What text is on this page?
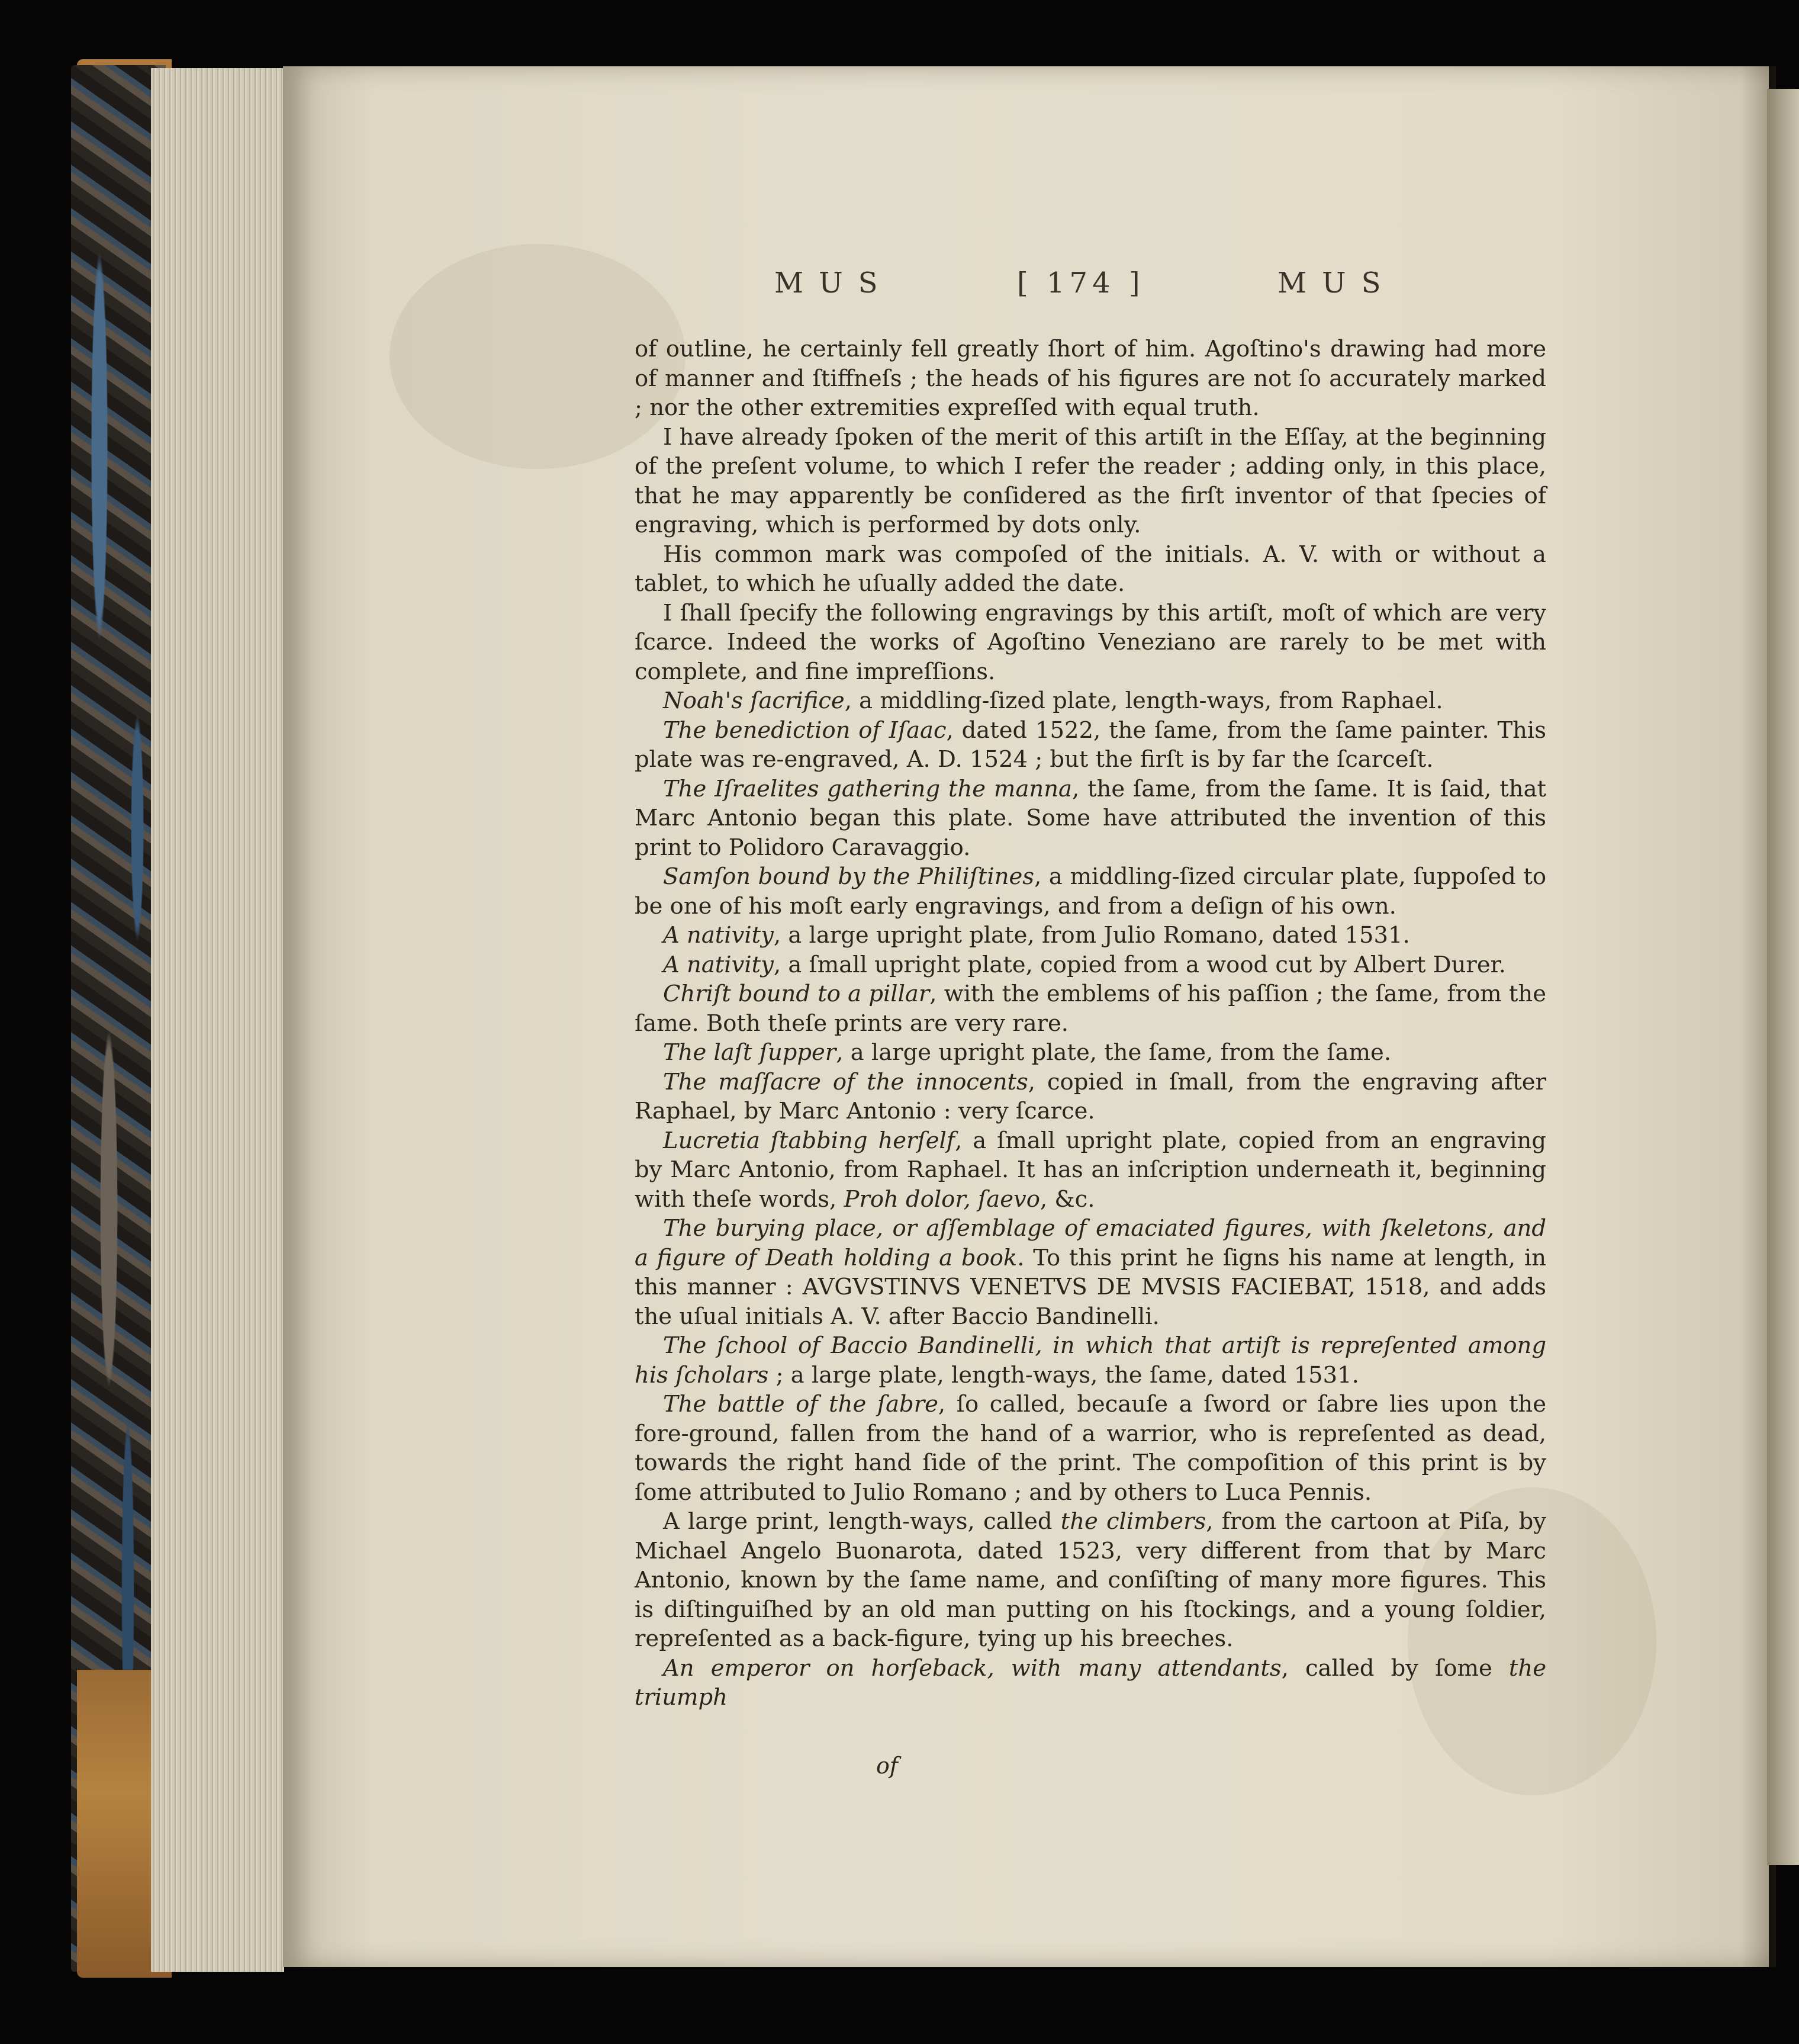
MUS	[ 174 ]	MUS

of outline, he certainly fell greatly ſhort of him. Agoſtino's drawing had more of manner and ſtiffneſs ; the heads of his figures are not ſo accurately marked ; nor the other extremities expreſſed with equal truth.

I have already ſpoken of the merit of this artiſt in the Eſſay, at the beginning of the preſent volume, to which I refer the reader ; adding only, in this place, that he may apparently be conſidered as the firſt inventor of that ſpecies of engraving, which is performed by dots only.

His common mark was compoſed of the initials. A. V. with or without a tablet, to which he uſually added the date.

I ſhall ſpecify the following engravings by this artiſt, moſt of which are very ſcarce. Indeed the works of Agoſtino Veneziano are rarely to be met with complete, and fine impreſſions.

Noah's ſacrifice, a middling-ſized plate, length-ways, from Raphael.

The benediction of Iſaac, dated 1522, the ſame, from the ſame painter. This plate was re-engraved, A. D. 1524 ; but the firſt is by far the ſcarceſt.

The Iſraelites gathering the manna, the ſame, from the ſame. It is ſaid, that Marc Antonio began this plate. Some have attributed the invention of this print to Polidoro Caravaggio.

Samſon bound by the Philiſtines, a middling-ſized circular plate, ſuppoſed to be one of his moſt early engravings, and from a deſign of his own.

A nativity, a large upright plate, from Julio Romano, dated 1531.

A nativity, a ſmall upright plate, copied from a wood cut by Albert Durer.

Chriſt bound to a pillar, with the emblems of his paſſion ; the ſame, from the ſame. Both theſe prints are very rare.

The laſt ſupper, a large upright plate, the ſame, from the ſame.

The maſſacre of the innocents, copied in ſmall, from the engraving after Raphael, by Marc Antonio : very ſcarce.

Lucretia ſtabbing herſelf, a ſmall upright plate, copied from an engraving by Marc Antonio, from Raphael. It has an inſcription underneath it, beginning with theſe words, Proh dolor, ſaevo, &c.

The burying place, or aſſemblage of emaciated figures, with ſkeletons, and a figure of Death holding a book. To this print he ſigns his name at length, in this manner : AVGVSTINVS VENETVS DE MVSIS FACIEBAT, 1518, and adds the uſual initials A. V. after Baccio Bandinelli.

The ſchool of Baccio Bandinelli, in which that artiſt is repreſented among his ſcholars ; a large plate, length-ways, the ſame, dated 1531.

The battle of the ſabre, ſo called, becauſe a ſword or ſabre lies upon the fore-ground, fallen from the hand of a warrior, who is repreſented as dead, towards the right hand ſide of the print. The compoſition of this print is by ſome attributed to Julio Romano ; and by others to Luca Pennis.

A large print, length-ways, called the climbers, from the cartoon at Piſa, by Michael Angelo Buonarota, dated 1523, very different from that by Marc Antonio, known by the ſame name, and conſiſting of many more figures. This is diſtinguiſhed by an old man putting on his ſtockings, and a young ſoldier, repreſented as a back-figure, tying up his breeches.

An emperor on horſeback, with many attendants, called by ſome the triumph

of
